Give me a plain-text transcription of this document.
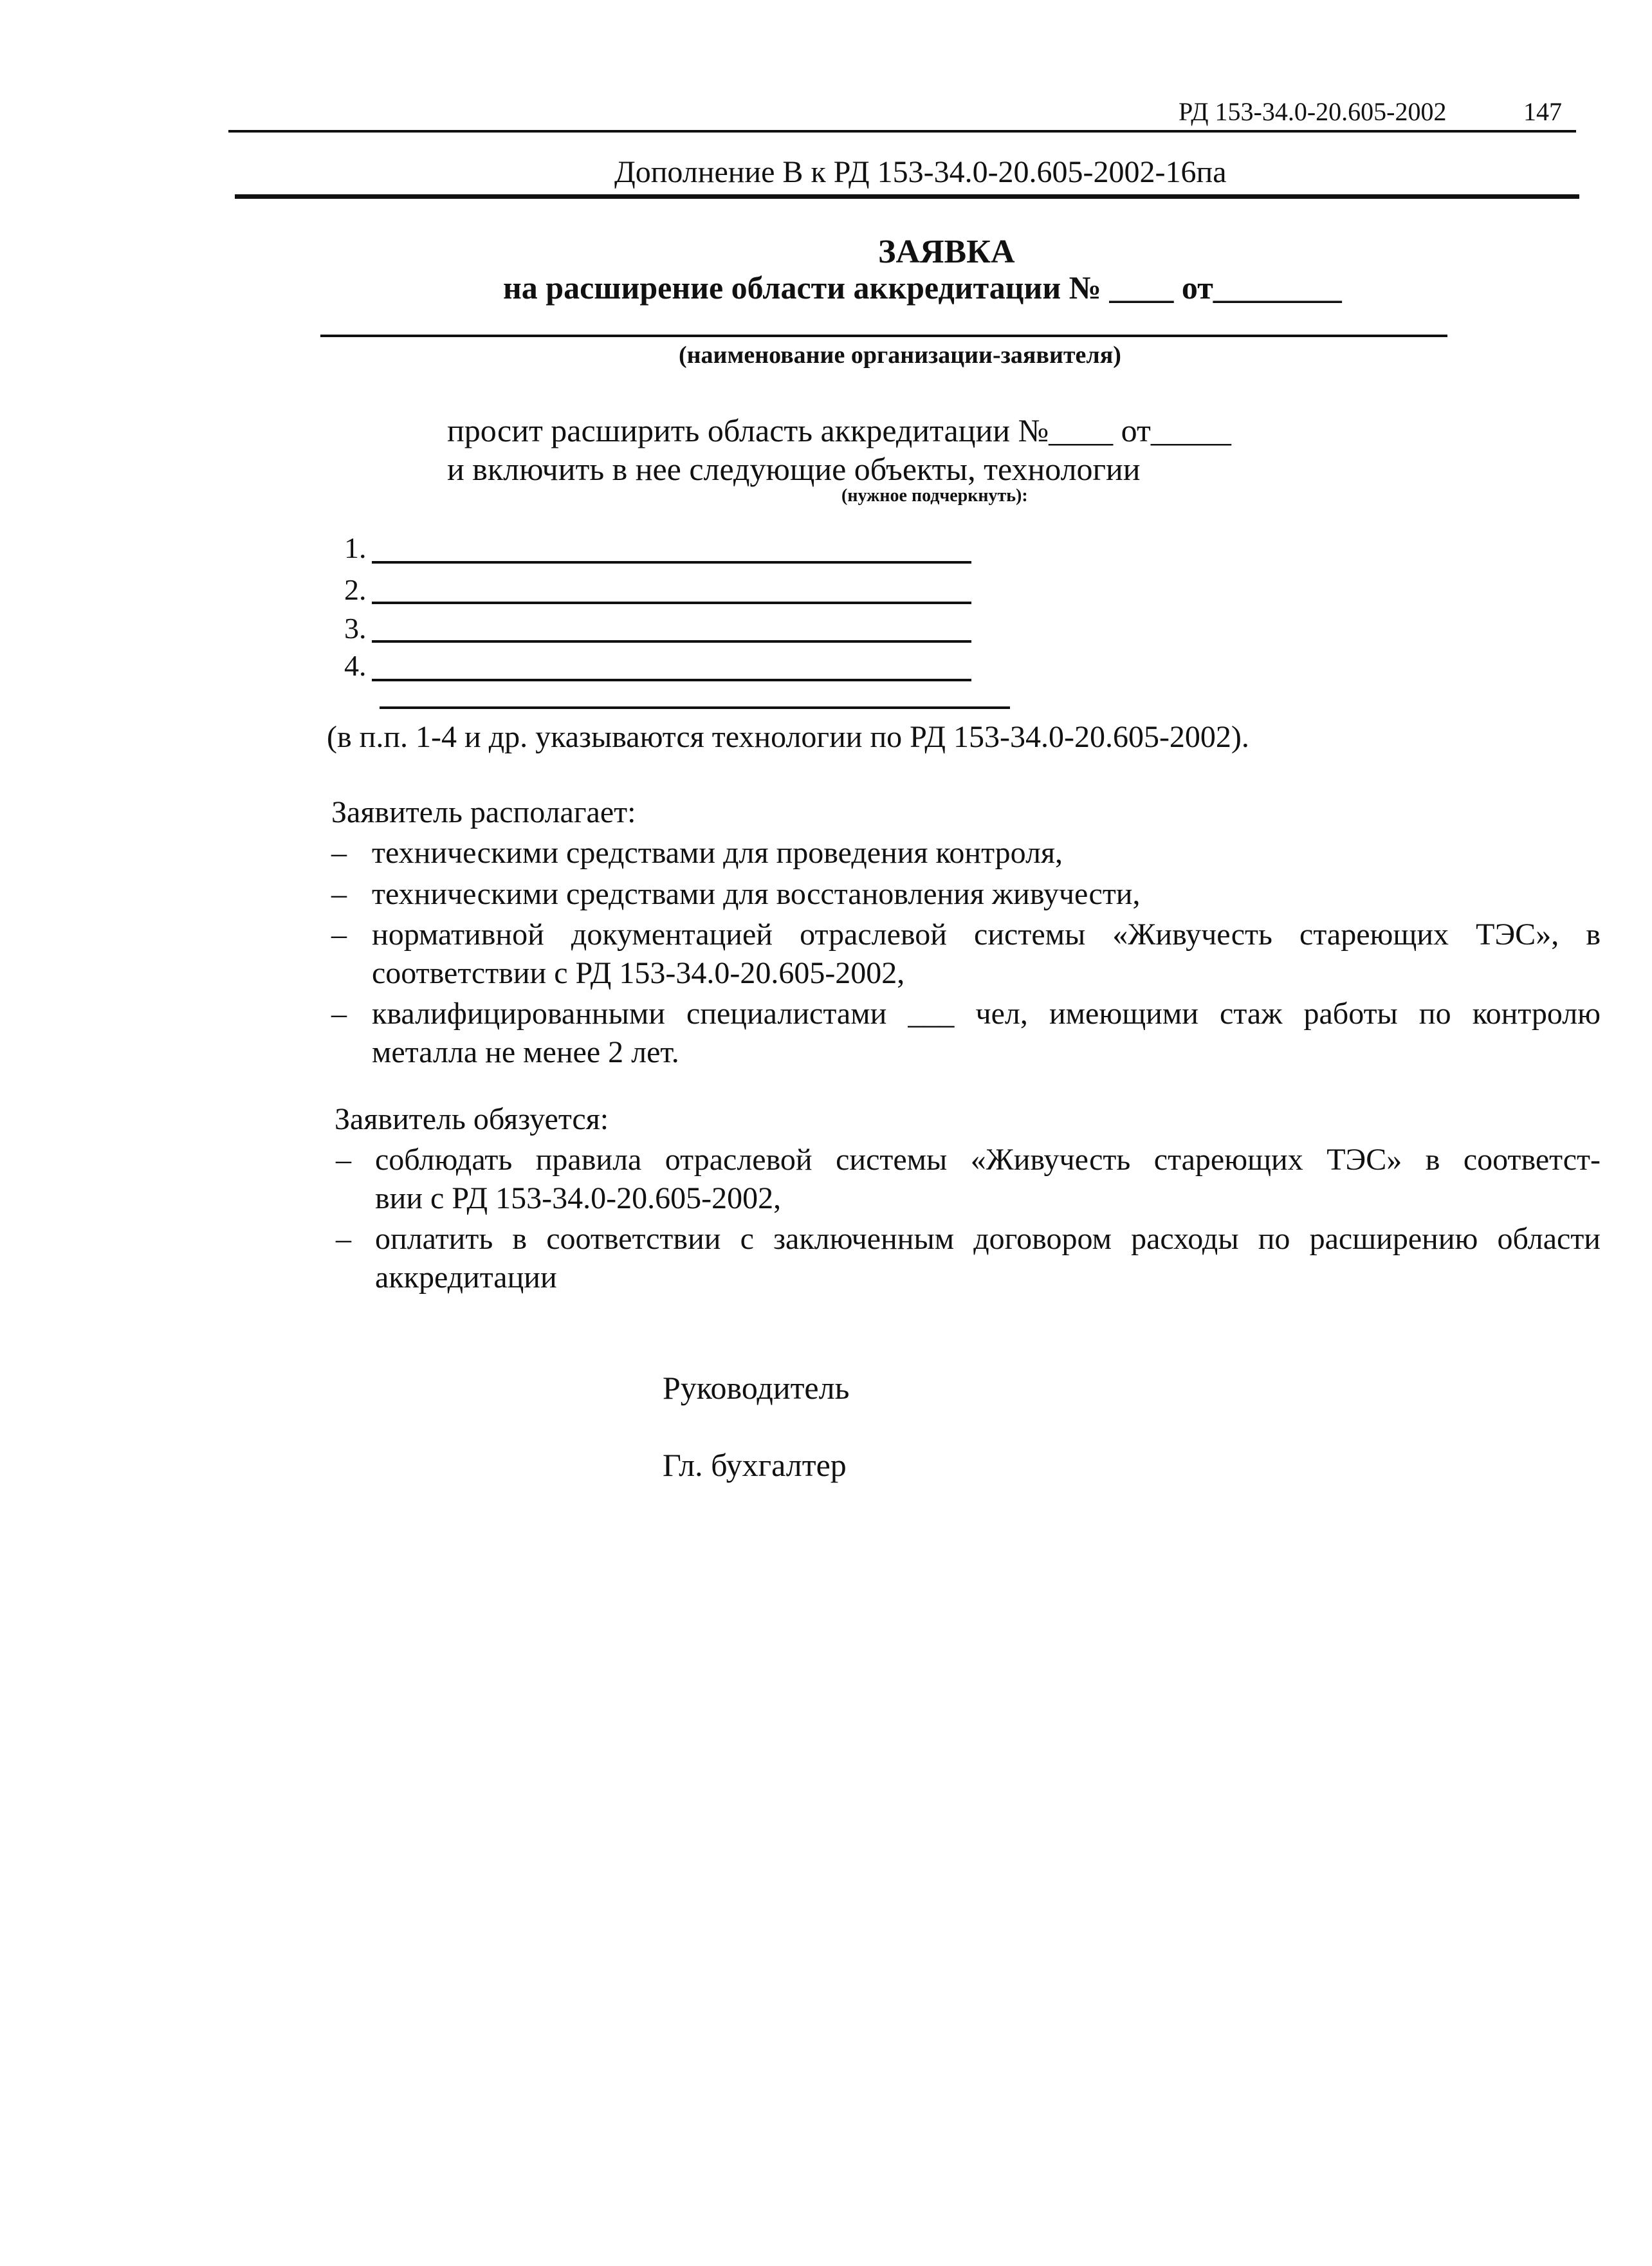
РД 153-34.0-20.605-2002	147
Дополнение В к РД 153-34.0-20.605-2002-16па
ЗАЯВКА
на расширение области аккредитации № ____ от________
(наименование организации-заявителя)
просит расширить область аккредитации №____ от_____
и включить в нее следующие объекты, технологии
(нужное подчеркнуть):
1.
2.
3.
4.
(в п.п. 1-4 и др. указываются технологии по РД 153-34.0-20.605-2002).
Заявитель располагает:
– техническими средствами для проведения контроля,
– техническими средствами для восстановления живучести,
– нормативной документацией отраслевой системы «Живучесть стареющих ТЭС», в
соответствии с РД 153-34.0-20.605-2002,
– квалифицированными специалистами ___ чел, имеющими стаж работы по контролю
металла не менее 2 лет.
Заявитель обязуется:
– соблюдать правила отраслевой системы «Живучесть стареющих ТЭС» в соответст-
вии с РД 153-34.0-20.605-2002,
– оплатить в соответствии с заключенным договором расходы по расширению области
аккредитации
Руководитель
Гл. бухгалтер
